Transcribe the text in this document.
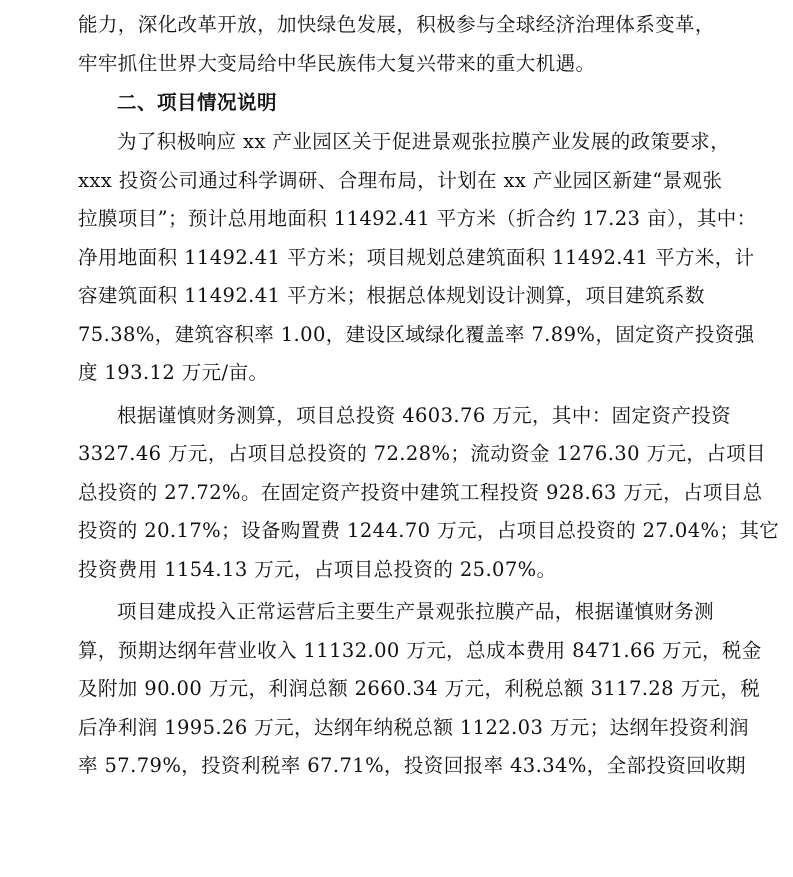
能力，深化改革开放，加快绿色发展，积极参与全球经济治理体系变革，
牢牢抓住世界大变局给中华民族伟大复兴带来的重大机遇。
二、项目情况说明
为了积极响应 xx 产业园区关于促进景观张拉膜产业发展的政策要求，
xxx 投资公司通过科学调研、合理布局，计划在 xx 产业园区新建“景观张
拉膜项目”；预计总用地面积 11492.41 平方米（折合约 17.23 亩），其中：
净用地面积 11492.41 平方米；项目规划总建筑面积 11492.41 平方米，计
容建筑面积 11492.41 平方米；根据总体规划设计测算，项目建筑系数
75.38%，建筑容积率 1.00，建设区域绿化覆盖率 7.89%，固定资产投资强
度 193.12 万元/亩。
根据谨慎财务测算，项目总投资 4603.76 万元，其中：固定资产投资
3327.46 万元，占项目总投资的 72.28%；流动资金 1276.30 万元，占项目
总投资的 27.72%。在固定资产投资中建筑工程投资 928.63 万元，占项目总
投资的 20.17%；设备购置费 1244.70 万元，占项目总投资的 27.04%；其它
投资费用 1154.13 万元，占项目总投资的 25.07%。
项目建成投入正常运营后主要生产景观张拉膜产品，根据谨慎财务测
算，预期达纲年营业收入 11132.00 万元，总成本费用 8471.66 万元，税金
及附加 90.00 万元，利润总额 2660.34 万元，利税总额 3117.28 万元，税
后净利润 1995.26 万元，达纲年纳税总额 1122.03 万元；达纲年投资利润
率 57.79%，投资利税率 67.71%，投资回报率 43.34%，全部投资回收期
